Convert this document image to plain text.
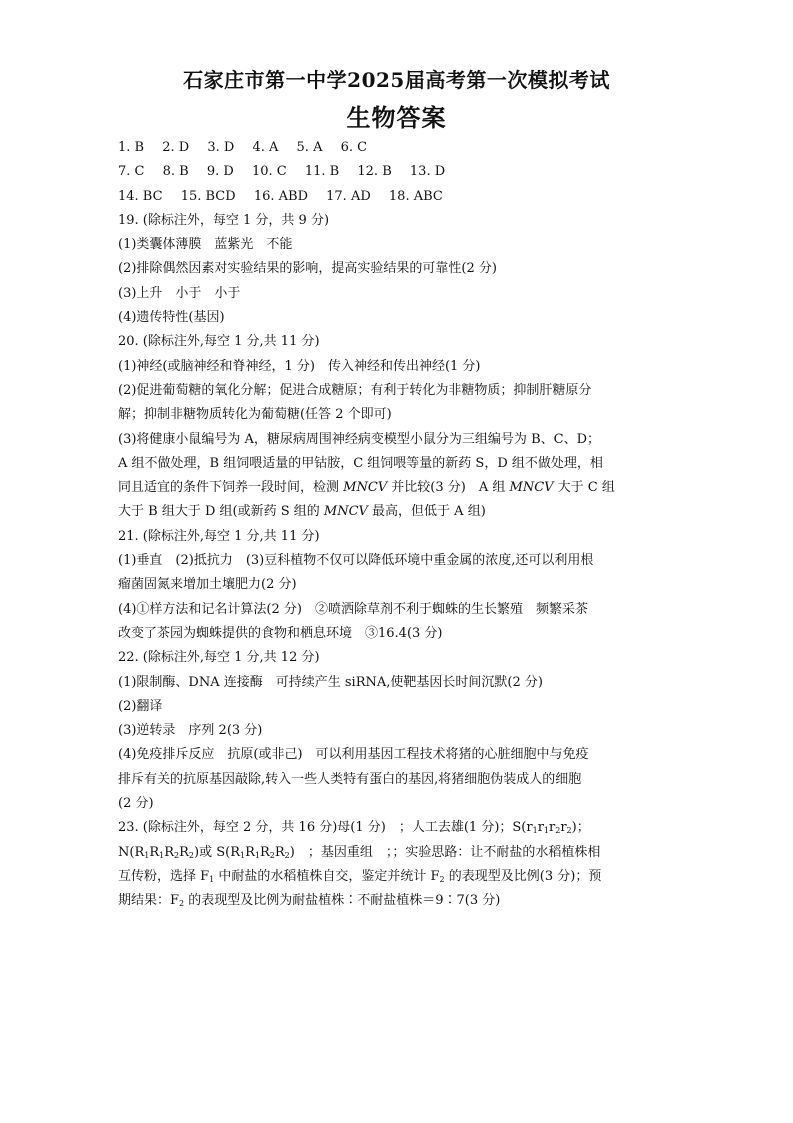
石家庄市第一中学2025届高考第一次模拟考试
生物答案
1. B 2. D 3. D 4. A 5. A 6. C
7. C 8. B 9. D 10. C 11. B 12. B 13. D
14. BC 15. BCD 16. ABD 17. AD 18. ABC
19. (除标注外，每空 1 分，共 9 分)
(1)类囊体薄膜　蓝紫光　不能
(2)排除偶然因素对实验结果的影响，提高实验结果的可靠性(2 分)
(3)上升　小于　小于
(4)遗传特性(基因)
20. (除标注外,每空 1 分,共 11 分)
(1)神经(或脑神经和脊神经，1 分)　传入神经和传出神经(1 分)
(2)促进葡萄糖的氧化分解；促进合成糖原；有利于转化为非糖物质；抑制肝糖原分
解；抑制非糖物质转化为葡萄糖(任答 2 个即可)
(3)将健康小鼠编号为 A，糖尿病周围神经病变模型小鼠分为三组编号为 B、C、D；
A 组不做处理，B 组饲喂适量的甲钴胺，C 组饲喂等量的新药 S，D 组不做处理，相
同且适宜的条件下饲养一段时间，检测 MNCV 并比较(3 分)　A 组 MNCV 大于 C 组
大于 B 组大于 D 组(或新药 S 组的 MNCV 最高，但低于 A 组)
21. (除标注外,每空 1 分,共 11 分)
(1)垂直　(2)抵抗力　(3)豆科植物不仅可以降低环境中重金属的浓度,还可以利用根
瘤菌固氮来增加土壤肥力(2 分)
(4)①样方法和记名计算法(2 分)　②喷洒除草剂不利于蜘蛛的生长繁殖　频繁采茶
改变了茶园为蜘蛛提供的食物和栖息环境　③16.4(3 分)
22. (除标注外,每空 1 分,共 12 分)
(1)限制酶、DNA 连接酶　可持续产生 siRNA,使靶基因长时间沉默(2 分)
(2)翻译
(3)逆转录　序列 2(3 分)
(4)免疫排斥反应　抗原(或非己)　可以利用基因工程技术将猪的心脏细胞中与免疫
排斥有关的抗原基因敲除,转入一些人类特有蛋白的基因,将猪细胞伪装成人的细胞
(2 分)
23. (除标注外，每空 2 分，共 16 分)母(1 分)　；人工去雄(1 分)；$S(r_1r_1r_2r_2)$；
$N(R_1R_1R_2R_2)$或 $S(R_1R_1R_2R_2)$　；基因重组　；；实验思路：让不耐盐的水稻植株相
互传粉，选择 $F_1$ 中耐盐的水稻植株自交，鉴定并统计 $F_2$ 的表现型及比例(3 分)；预
期结果：$F_2$ 的表现型及比例为耐盐植株∶不耐盐植株＝9∶7(3 分)
